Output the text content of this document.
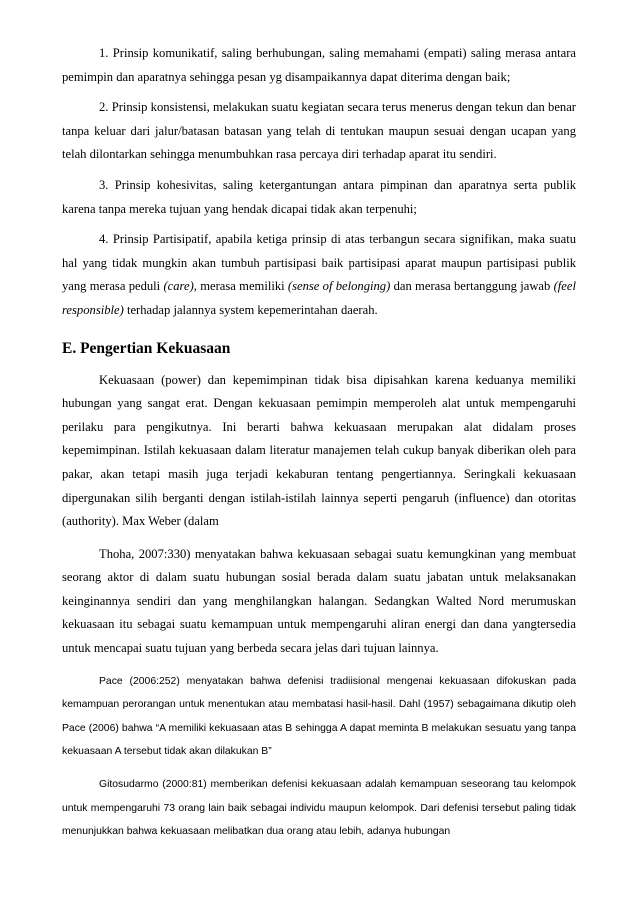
1. Prinsip komunikatif, saling berhubungan, saling memahami (empati) saling merasa antara pemimpin dan aparatnya sehingga pesan yg disampaikannya dapat diterima dengan baik;

2. Prinsip konsistensi, melakukan suatu kegiatan secara terus menerus dengan tekun dan benar tanpa keluar dari jalur/batasan batasan yang telah di tentukan maupun sesuai dengan ucapan yang telah dilontarkan sehingga menumbuhkan rasa percaya diri terhadap aparat itu sendiri.

3. Prinsip kohesivitas, saling ketergantungan antara pimpinan dan aparatnya serta publik karena tanpa mereka tujuan yang hendak dicapai tidak akan terpenuhi;

4. Prinsip Partisipatif, apabila ketiga prinsip di atas terbangun secara signifikan, maka suatu hal yang tidak mungkin akan tumbuh partisipasi baik partisipasi aparat maupun partisipasi publik yang merasa peduli (care), merasa memiliki (sense of belonging) dan merasa bertanggung jawab (feel responsible) terhadap jalannya system kepemerintahan daerah.

E. Pengertian Kekuasaan

Kekuasaan (power) dan kepemimpinan tidak bisa dipisahkan karena keduanya memiliki hubungan yang sangat erat. Dengan kekuasaan pemimpin memperoleh alat untuk mempengaruhi perilaku para pengikutnya. Ini berarti bahwa kekuasaan merupakan alat didalam proses kepemimpinan. Istilah kekuasaan dalam literatur manajemen telah cukup banyak diberikan oleh para pakar, akan tetapi masih juga terjadi kekaburan tentang pengertiannya. Seringkali kekuasaan dipergunakan silih berganti dengan istilah-istilah lainnya seperti pengaruh (influence) dan otoritas (authority). Max Weber (dalam

Thoha, 2007:330) menyatakan bahwa kekuasaan sebagai suatu kemungkinan yang membuat seorang aktor di dalam suatu hubungan sosial berada dalam suatu jabatan untuk melaksanakan keinginannya sendiri dan yang menghilangkan halangan. Sedangkan Walted Nord merumuskan kekuasaan itu sebagai suatu kemampuan untuk mempengaruhi aliran energi dan dana yangtersedia untuk mencapai suatu tujuan yang berbeda secara jelas dari tujuan lainnya.

Pace (2006:252) menyatakan bahwa defenisi tradiisional mengenai kekuasaan difokuskan pada kemampuan perorangan untuk menentukan atau membatasi hasil-hasil. Dahl (1957) sebagaimana dikutip oleh Pace (2006) bahwa “A memiliki kekuasaan atas B sehingga A dapat meminta B melakukan sesuatu yang tanpa kekuasaan A tersebut tidak akan dilakukan B”

Gitosudarmo (2000:81) memberikan defenisi kekuasaan adalah kemampuan seseorang tau kelompok untuk mempengaruhi 73 orang lain baik sebagai individu maupun kelompok. Dari defenisi tersebut paling tidak menunjukkan bahwa kekuasaan melibatkan dua orang atau lebih, adanya hubungan
